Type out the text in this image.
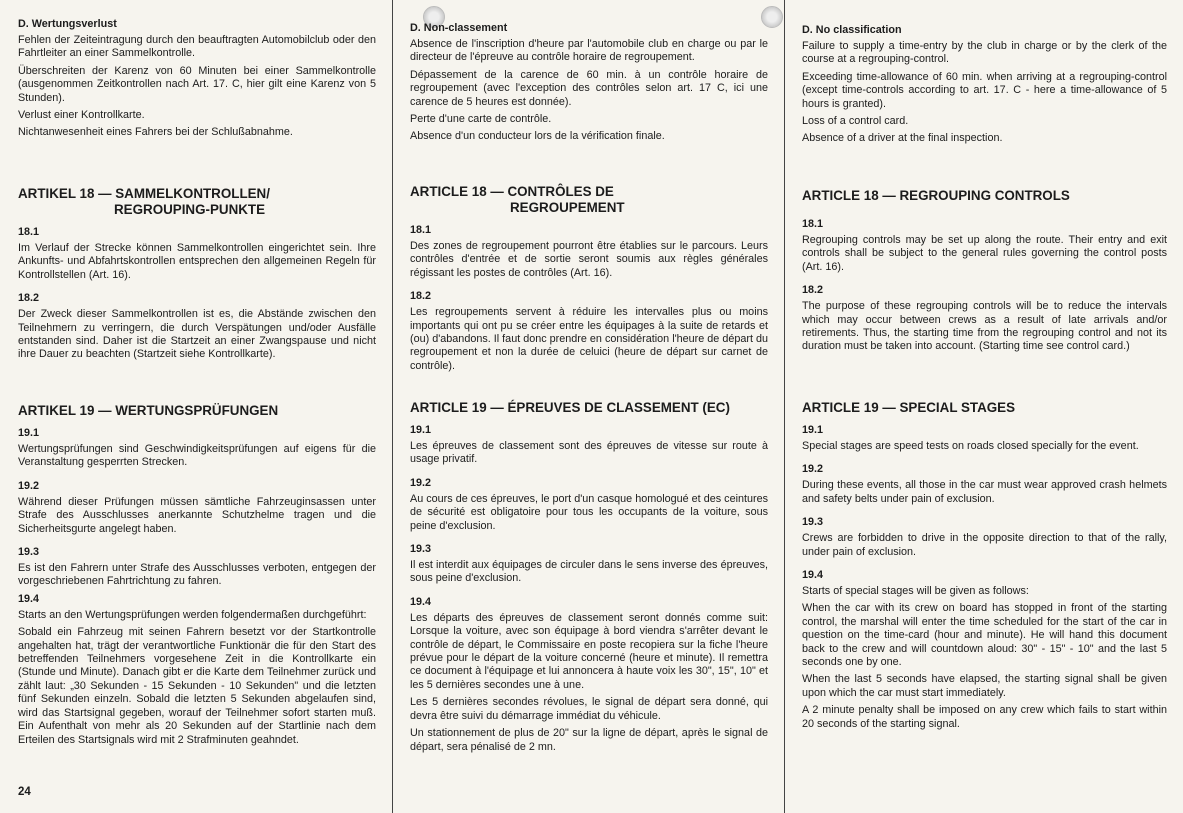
D. Wertungsverlust
Fehlen der Zeiteintragung durch den beauftragten Automobilclub oder den Fahrtleiter an einer Sammelkontrolle.
Überschreiten der Karenz von 60 Minuten bei einer Sammelkontrolle (ausgenommen Zeitkontrollen nach Art. 17. C, hier gilt eine Karenz von 5 Stunden).
Verlust einer Kontrollkarte.
Nichtanwesenheit eines Fahrers bei der Schlußabnahme.
ARTIKEL 18 — SAMMELKONTROLLEN/
REGROUPING-PUNKTE
18.1
Im Verlauf der Strecke können Sammelkontrollen eingerichtet sein. Ihre Ankunfts- und Abfahrtskontrollen entsprechen den allgemeinen Regeln für Kontrollstellen (Art. 16).
18.2
Der Zweck dieser Sammelkontrollen ist es, die Abstände zwischen den Teilnehmern zu verringern, die durch Verspätungen und/oder Ausfälle entstanden sind. Daher ist die Startzeit an einer Zwangspause und nicht ihre Dauer zu beachten (Startzeit siehe Kontrollkarte).
ARTIKEL 19 — WERTUNGSPRÜFUNGEN
19.1
Wertungsprüfungen sind Geschwindigkeitsprüfungen auf eigens für die Veranstaltung gesperrten Strecken.
19.2
Während dieser Prüfungen müssen sämtliche Fahrzeuginsassen unter Strafe des Ausschlusses anerkannte Schutzhelme tragen und die Sicherheitsgurte angelegt haben.
19.3
Es ist den Fahrern unter Strafe des Ausschlusses verboten, entgegen der vorgeschriebenen Fahrtrichtung zu fahren.
19.4
Starts an den Wertungsprüfungen werden folgendermaßen durchgeführt:
Sobald ein Fahrzeug mit seinen Fahrern besetzt vor der Startkontrolle angehalten hat, trägt der verantwortliche Funktionär die für den Start des betreffenden Teilnehmers vorgesehene Zeit in die Kontrollkarte ein (Stunde und Minute). Danach gibt er die Karte dem Teilnehmer zurück und zählt laut: „30 Sekunden - 15 Sekunden - 10 Sekunden" und die letzten fünf Sekunden einzeln. Sobald die letzten 5 Sekunden abgelaufen sind, wird das Startsignal gegeben, worauf der Teilnehmer sofort starten muß. Ein Aufenthalt von mehr als 20 Sekunden auf der Startlinie nach dem Erteilen des Startsignals wird mit 2 Strafminuten geahndet.
24
D. Non-classement
Absence de l'inscription d'heure par l'automobile club en charge ou par le directeur de l'épreuve au contrôle horaire de regroupement.
Dépassement de la carence de 60 min. à un contrôle horaire de regroupement (avec l'exception des contrôles selon art. 17 C, ici une carence de 5 heures est donnée).
Perte d'une carte de contrôle.
Absence d'un conducteur lors de la vérification finale.
ARTICLE 18 — CONTRÔLES DE
REGROUPEMENT
18.1
Des zones de regroupement pourront être établies sur le parcours. Leurs contrôles d'entrée et de sortie seront soumis aux règles générales régissant les postes de contrôles (Art. 16).
18.2
Les regroupements servent à réduire les intervalles plus ou moins importants qui ont pu se créer entre les équipages à la suite de retards et (ou) d'abandons. Il faut donc prendre en considération l'heure de départ du regroupement et non la durée de celuici (heure de départ sur carnet de contrôle).
ARTICLE 19 — ÉPREUVES DE CLASSEMENT (EC)
19.1
Les épreuves de classement sont des épreuves de vitesse sur route à usage privatif.
19.2
Au cours de ces épreuves, le port d'un casque homologué et des ceintures de sécurité est obligatoire pour tous les occupants de la voiture, sous peine d'exclusion.
19.3
Il est interdit aux équipages de circuler dans le sens inverse des épreuves, sous peine d'exclusion.
19.4
Les départs des épreuves de classement seront donnés comme suit: Lorsque la voiture, avec son équipage à bord viendra s'arrêter devant le contrôle de départ, le Commissaire en poste recopiera sur la fiche l'heure prévue pour le départ de la voiture concerné (heure et minute). Il remettra ce document à l'équipage et lui annoncera à haute voix les 30", 15", 10" et les 5 dernières secondes une à une.
Les 5 dernières secondes révolues, le signal de départ sera donné, qui devra être suivi du démarrage immédiat du véhicule.
Un stationnement de plus de 20" sur la ligne de départ, après le signal de départ, sera pénalisé de 2 mn.
D. No classification
Failure to supply a time-entry by the club in charge or by the clerk of the course at a regrouping-control.
Exceeding time-allowance of 60 min. when arriving at a regrouping-control (except time-controls according to art. 17. C - here a time-allowance of 5 hours is granted).
Loss of a control card.
Absence of a driver at the final inspection.
ARTICLE 18 — REGROUPING CONTROLS
18.1
Regrouping controls may be set up along the route. Their entry and exit controls shall be subject to the general rules governing the control posts (Art. 16).
18.2
The purpose of these regrouping controls will be to reduce the intervals which may occur between crews as a result of late arrivals and/or retirements. Thus, the starting time from the regrouping control and not its duration must be taken into account. (Starting time see control card.)
ARTICLE 19 — SPECIAL STAGES
19.1
Special stages are speed tests on roads closed specially for the event.
19.2
During these events, all those in the car must wear approved crash helmets and safety belts under pain of exclusion.
19.3
Crews are forbidden to drive in the opposite direction to that of the rally, under pain of exclusion.
19.4
Starts of special stages will be given as follows:
When the car with its crew on board has stopped in front of the starting control, the marshal will enter the time scheduled for the start of the car in question on the time-card (hour and minute). He will hand this document back to the crew and will countdown aloud: 30" - 15" - 10" and the last 5 seconds one by one.
When the last 5 seconds have elapsed, the starting signal shall be given upon which the car must start immediately.
A 2 minute penalty shall be imposed on any crew which fails to start within 20 seconds of the starting signal.
